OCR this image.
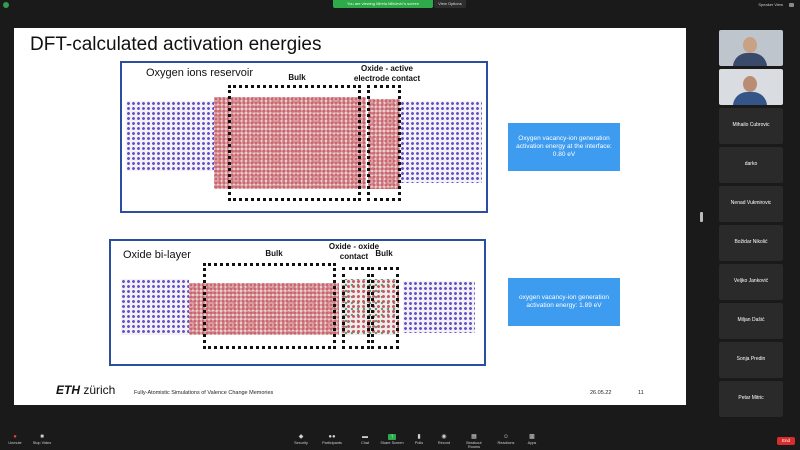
You are viewing Mirela Milićević's screen	View Options	Speaker View
DFT-calculated activation energies
Oxygen ions reservoir	Bulk
Oxide - active
electrode contact
Oxide bi-layer	Bulk
Oxide - oxide
contact Bulk
Oxygen vacancy-ion generation activation energy at the interface: 0.80 eV
oxygen vacancy-ion generation activation energy: 1.89 eV
ETH zürich	Fully-Atomistic Simulations of Valence Change Memories	26.05.22	11
Mihailo Cubrovic
darko
Nenad Vukmirovic
Božidar Nikolić
Veljko Janković
Miljan Dašić
Sonja Predin
Petar Mitric
●
Unmute
■
Stop Video
◆
Security
●●
Participants
▬
Chat
↑
Share Screen
▮
Polls
◉
Record
▦
Breakout Rooms
☺
Reactions
▩
Apps	End
